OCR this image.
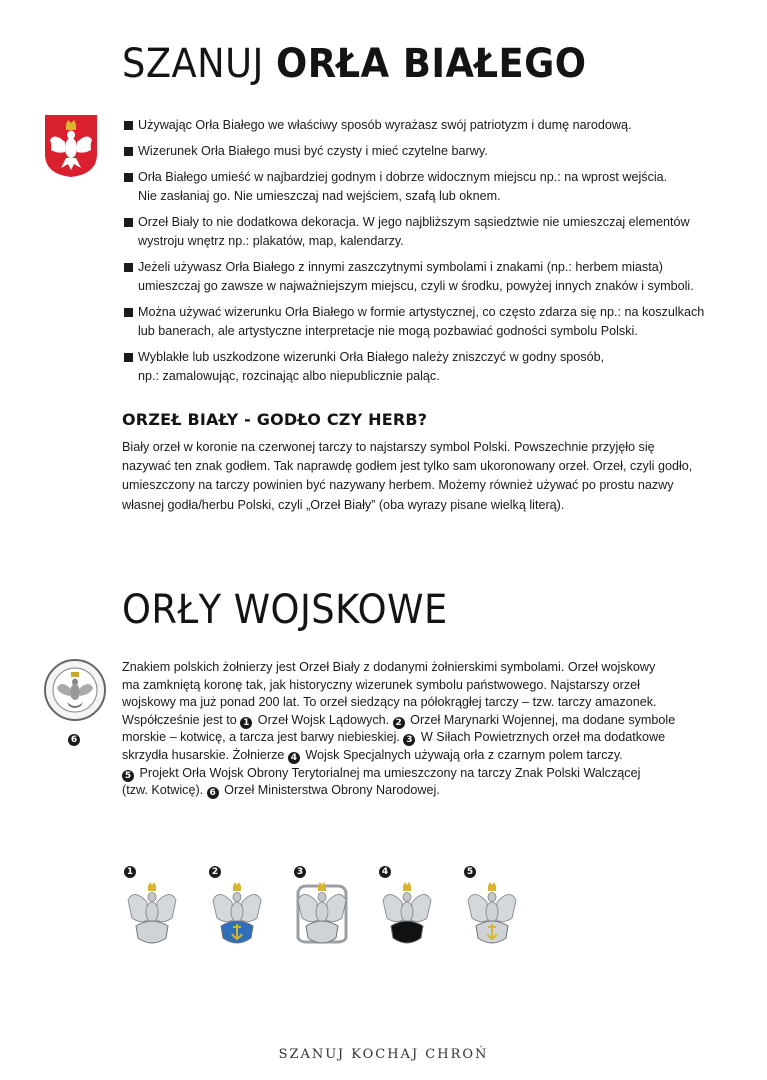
SZANUJ ORŁA BIAŁEGO
Używając Orła Białego we właściwy sposób wyrażasz swój patriotyzm i dumę narodową.
Wizerunek Orła Białego musi być czysty i mieć czytelne barwy.
Orła Białego umieść w najbardziej godnym i dobrze widocznym miejscu np.: na wprost wejścia.
Nie zasłaniaj go. Nie umieszczaj nad wejściem, szafą lub oknem.
Orzeł Biały to nie dodatkowa dekoracja. W jego najbliższym sąsiedztwie nie umieszczaj elementów
wystroju wnętrz np.: plakatów, map, kalendarzy.
Jeżeli używasz Orła Białego z innymi zaszczytnymi symbolami i znakami (np.: herbem miasta)
umieszczaj go zawsze w najważniejszym miejscu, czyli w środku, powyżej innych znaków i symboli.
Można używać wizerunku Orła Białego w formie artystycznej, co często zdarza się np.: na koszulkach
lub banerach, ale artystyczne interpretacje nie mogą pozbawiać godności symbolu Polski.
Wyblakłe lub uszkodzone wizerunki Orła Białego należy zniszczyć w godny sposób,
np.: zamalowując, rozcinając albo niepublicznie paląc.
ORZEŁ BIAŁY - GODŁO CZY HERB?

Biały orzeł w koronie na czerwonej tarczy to najstarszy symbol Polski. Powszechnie przyjęło się
nazywać ten znak godłem. Tak naprawdę godłem jest tylko sam ukoronowany orzeł. Orzeł, czyli godło,
umieszczony na tarczy powinien być nazywany herbem. Możemy również używać po prostu nazwy
własnej godła/herbu Polski, czyli „Orzeł Biały” (oba wyrazy pisane wielką literą).

ORŁY WOJSKOWE
6

Znakiem polskich żołnierzy jest Orzeł Biały z dodanymi żołnierskimi symbolami. Orzeł wojskowy
ma zamkniętą koronę tak, jak historyczny wizerunek symbolu państwowego. Najstarszy orzeł
wojskowy ma już ponad 200 lat. To orzeł siedzący na półokrągłej tarczy – tzw. tarczy amazonek.
Współcześnie jest to 1 Orzeł Wojsk Lądowych. 2 Orzeł Marynarki Wojennej, ma dodane symbole
morskie – kotwicę, a tarcza jest barwy niebieskiej. 3 W Siłach Powietrznych orzeł ma dodatkowe
skrzydła husarskie. Żołnierze 4 Wojsk Specjalnych używają orła z czarnym polem tarczy.
5 Projekt Orła Wojsk Obrony Terytorialnej ma umieszczony na tarczy Znak Polski Walczącej
(tzw. Kotwicę). 6 Orzeł Ministerstwa Obrony Narodowej.

1	2	3	4	5

SZANUJ KOCHAJ CHROŃ
